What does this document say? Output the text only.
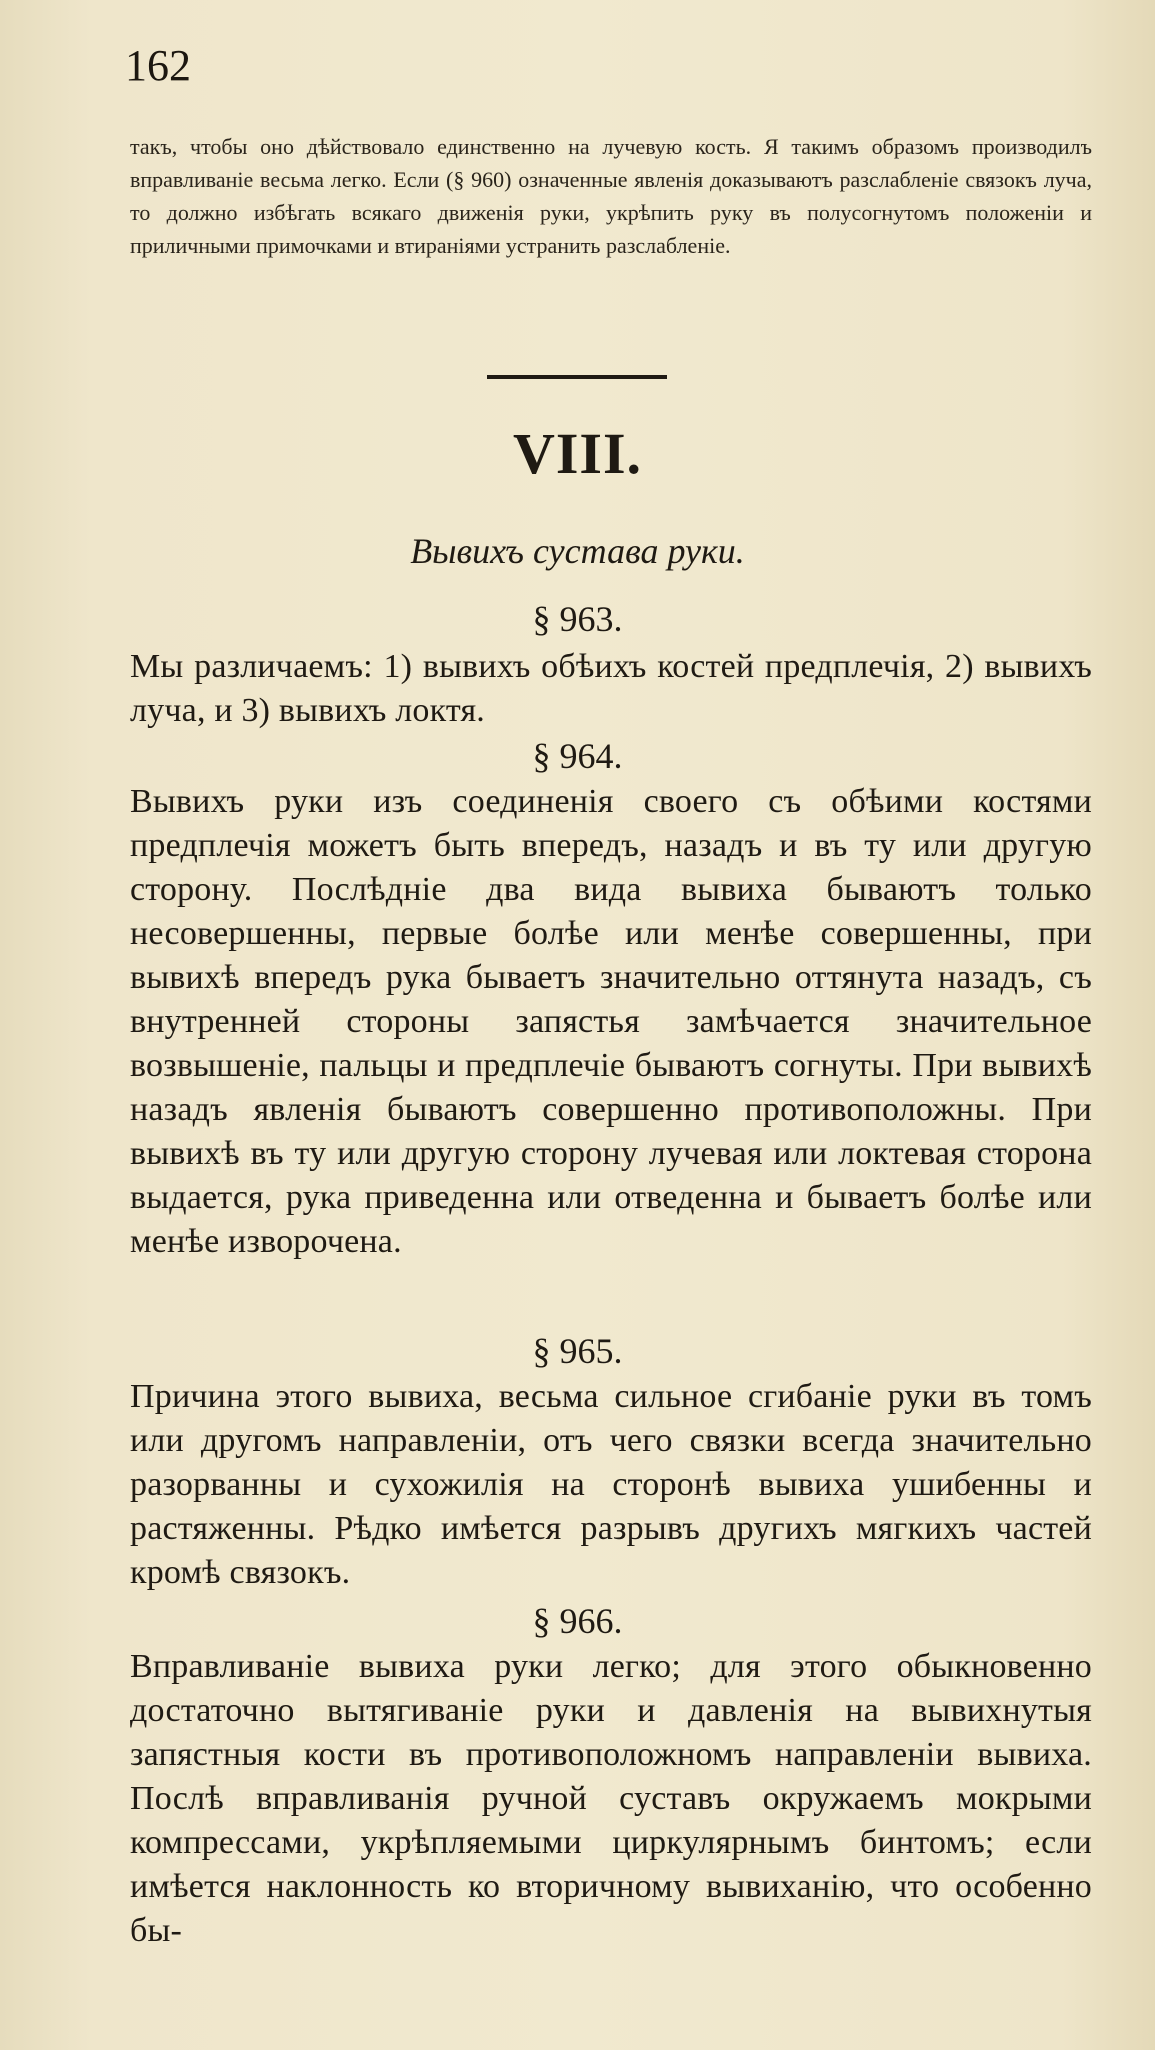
162
такъ, чтобы оно дѣйствовало единственно на лучевую кость. Я такимъ образомъ производилъ вправливаніе весьма легко. Если (§ 960) означенные явленія доказываютъ разслабленіе связокъ луча, то должно избѣгать всякаго движенія руки, укрѣпить руку въ полусогнутомъ положеніи и приличными примочками и втираніями устранить разслабленіе.
VIII.
Вывихъ сустава руки.
§ 963.
Мы различаемъ: 1) вывихъ обѣихъ костей предплечія, 2) вывихъ луча, и 3) вывихъ локтя.
§ 964.
Вывихъ руки изъ соединенія своего съ обѣими костями предплечія можетъ быть впередъ, назадъ и въ ту или другую сторону. Послѣдніе два вида вывиха бываютъ только несовершенны, первые болѣе или менѣе совершенны, при вывихѣ впередъ рука бываетъ значительно оттянута назадъ, съ внутренней стороны запястья замѣчается значительное возвышеніе, пальцы и предплечіе бываютъ согнуты. При вывихѣ назадъ явленія бываютъ совершенно противоположны. При вывихѣ въ ту или другую сторону лучевая или локтевая сторона выдается, рука приведенна или отведенна и бываетъ болѣе или менѣе изворочена.
§ 965.
Причина этого вывиха, весьма сильное сгибаніе руки въ томъ или другомъ направленіи, отъ чего связки всегда значительно разорванны и сухожилія на сторонѣ вывиха ушибенны и растяженны. Рѣдко имѣется разрывъ другихъ мягкихъ частей кромѣ связокъ.
§ 966.
Вправливаніе вывиха руки легко; для этого обыкновенно достаточно вытягиваніе руки и давленія на вывихнутыя запястныя кости въ противоположномъ направленіи вывиха. Послѣ вправливанія ручной суставъ окружаемъ мокрыми компрессами, укрѣпляемыми циркулярнымъ бинтомъ; если имѣется наклонность ко вторичному вывиханію, что особенно бы-
